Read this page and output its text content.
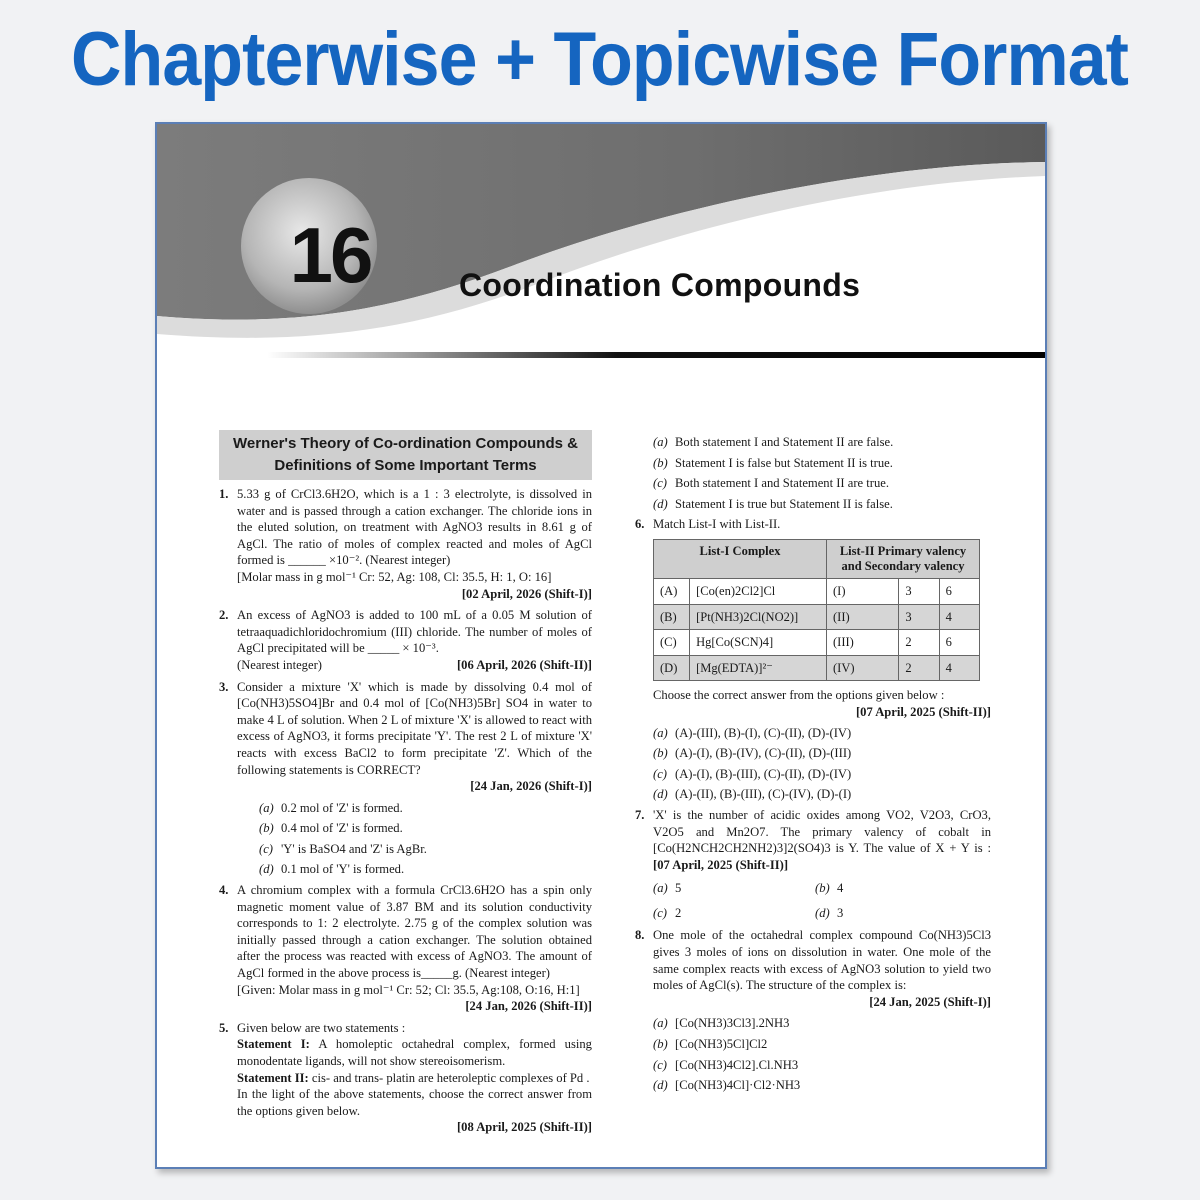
Chapterwise + Topicwise Format
16	Coordination Compounds
Werner's Theory of Co-ordination Compounds & Definitions of Some Important Terms
1. 5.33 g of CrCl3.6H2O, which is a 1 : 3 electrolyte, is dissolved in water and is passed through a cation exchanger. The chloride ions in the eluted solution, on treatment with AgNO3 results in 8.61 g of AgCl. The ratio of moles of complex reacted and moles of AgCl formed is ______ ×10⁻². (Nearest integer)
[Molar mass in g mol⁻¹ Cr: 52, Ag: 108, Cl: 35.5, H: 1, O: 16]
[02 April, 2026 (Shift-I)]
2. An excess of AgNO3 is added to 100 mL of a 0.05 M solution of tetraaquadichloridochromium (III) chloride. The number of moles of AgCl precipitated will be _____ × 10⁻³.
(Nearest integer)	[06 April, 2026 (Shift-II)]
3. Consider a mixture 'X' which is made by dissolving 0.4 mol of [Co(NH3)5SO4]Br and 0.4 mol of [Co(NH3)5Br] SO4 in water to make 4 L of solution. When 2 L of mixture 'X' is allowed to react with excess of AgNO3, it forms precipitate 'Y'. The rest 2 L of mixture 'X' reacts with excess BaCl2 to form precipitate 'Z'. Which of the following statements is CORRECT?
[24 Jan, 2026 (Shift-I)]
(a) 0.2 mol of 'Z' is formed.
(b) 0.4 mol of 'Z' is formed.
(c) 'Y' is BaSO4 and 'Z' is AgBr.
(d) 0.1 mol of 'Y' is formed.
4. A chromium complex with a formula CrCl3.6H2O has a spin only magnetic moment value of 3.87 BM and its solution conductivity corresponds to 1: 2 electrolyte. 2.75 g of the complex solution was initially passed through a cation exchanger. The solution obtained after the process was reacted with excess of AgNO3. The amount of AgCl formed in the above process is_____g. (Nearest integer)
[Given: Molar mass in g mol⁻¹ Cr: 52; Cl: 35.5, Ag:108, O:16, H:1]
[24 Jan, 2026 (Shift-II)]
5. Given below are two statements :
Statement I: A homoleptic octahedral complex, formed using monodentate ligands, will not show stereoisomerism.
Statement II: cis- and trans- platin are heteroleptic complexes of Pd .
In the light of the above statements, choose the correct answer from the options given below.
[08 April, 2025 (Shift-II)]
(a) Both statement I and Statement II are false.
(b) Statement I is false but Statement II is true.
(c) Both statement I and Statement II are true.
(d) Statement I is true but Statement II is false.
6. Match List-I with List-II.
List-I Complex		List-II Primary valency and Secondary valency		
(A)	[Co(en)2Cl2]Cl	(I)	3	6
(B)	[Pt(NH3)2Cl(NO2)]	(II)	3	4
(C)	Hg[Co(SCN)4]	(III)	2	6
(D)	[Mg(EDTA)]²⁻	(IV)	2	4
Choose the correct answer from the options given below :
[07 April, 2025 (Shift-II)]
(a) (A)-(III), (B)-(I), (C)-(II), (D)-(IV)
(b) (A)-(I), (B)-(IV), (C)-(II), (D)-(III)
(c) (A)-(I), (B)-(III), (C)-(II), (D)-(IV)
(d) (A)-(II), (B)-(III), (C)-(IV), (D)-(I)
7. 'X' is the number of acidic oxides among VO2, V2O3, CrO3, V2O5 and Mn2O7. The primary valency of cobalt in [Co(H2NCH2CH2NH2)3]2(SO4)3 is Y. The value of X + Y is : [07 April, 2025 (Shift-II)]
(a) 5	(b) 4
(c) 2	(d) 3
8. One mole of the octahedral complex compound Co(NH3)5Cl3 gives 3 moles of ions on dissolution in water. One mole of the same complex reacts with excess of AgNO3 solution to yield two moles of AgCl(s). The structure of the complex is:
[24 Jan, 2025 (Shift-I)]
(a) [Co(NH3)3Cl3].2NH3
(b) [Co(NH3)5Cl]Cl2
(c) [Co(NH3)4Cl2].Cl.NH3
(d) [Co(NH3)4Cl]·Cl2·NH3
